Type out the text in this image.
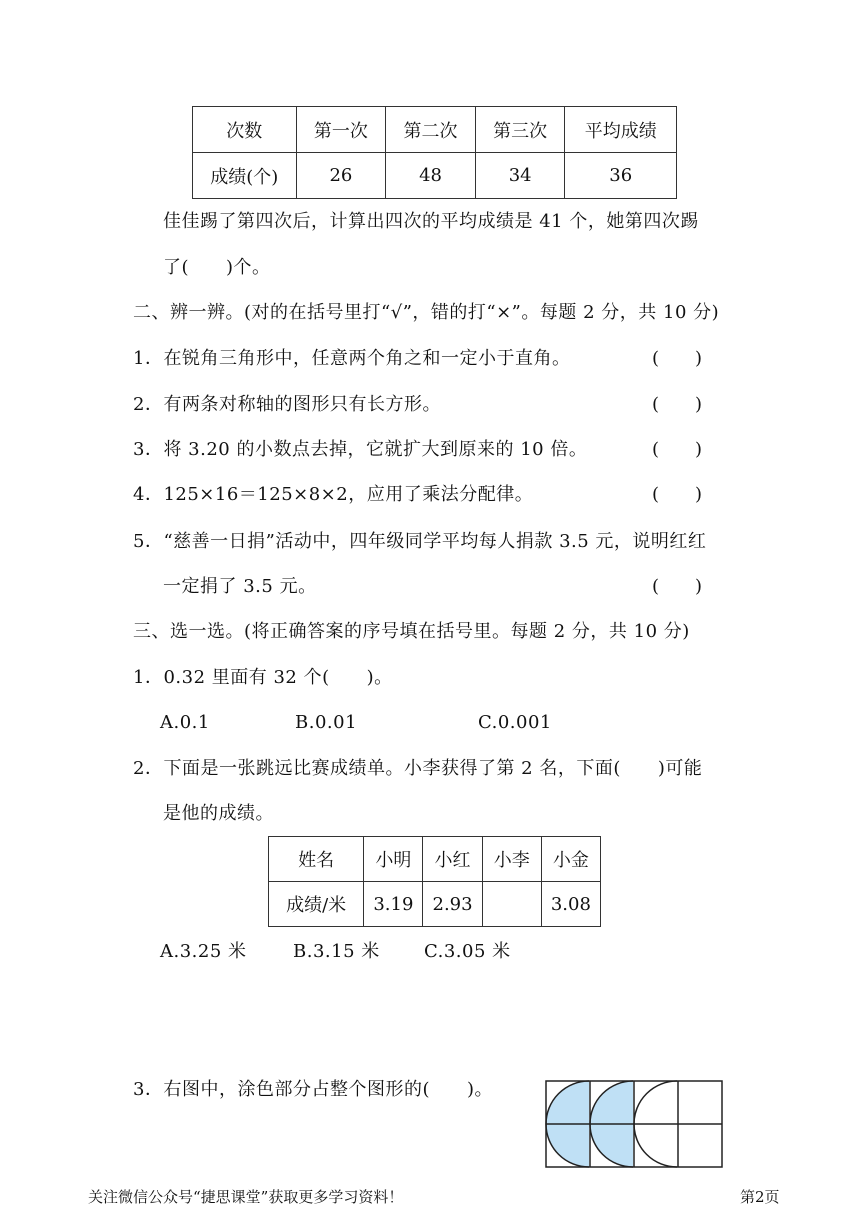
次数	第一次	第二次	第三次	平均成绩
成绩(个)	26	48	34	36
佳佳踢了第四次后，计算出四次的平均成绩是 41 个，她第四次踢
了(　　)个。
二、辨一辨。(对的在括号里打“√”，错的打“×”。每题 2 分，共 10 分)
1．在锐角三角形中，任意两个角之和一定小于直角。	(　　)
2．有两条对称轴的图形只有长方形。	(　　)
3．将 3.20 的小数点去掉，它就扩大到原来的 10 倍。	(　　)
4．125×16＝125×8×2，应用了乘法分配律。	(　　)
5．“慈善一日捐”活动中，四年级同学平均每人捐款 3.5 元，说明红红
一定捐了 3.5 元。	(　　)
三、选一选。(将正确答案的序号填在括号里。每题 2 分，共 10 分)
1．0.32 里面有 32 个(　　)。
A.0.1	B.0.01	C.0.001
2．下面是一张跳远比赛成绩单。小李获得了第 2 名，下面(　　)可能
是他的成绩。
姓名	小明	小红	小李	小金
成绩/米	3.19	2.93		3.08
A.3.25 米	B.3.15 米 C.3.05 米
3．右图中，涂色部分占整个图形的(　　)。
关注微信公众号“捷思课堂”获取更多学习资料！	第2页
